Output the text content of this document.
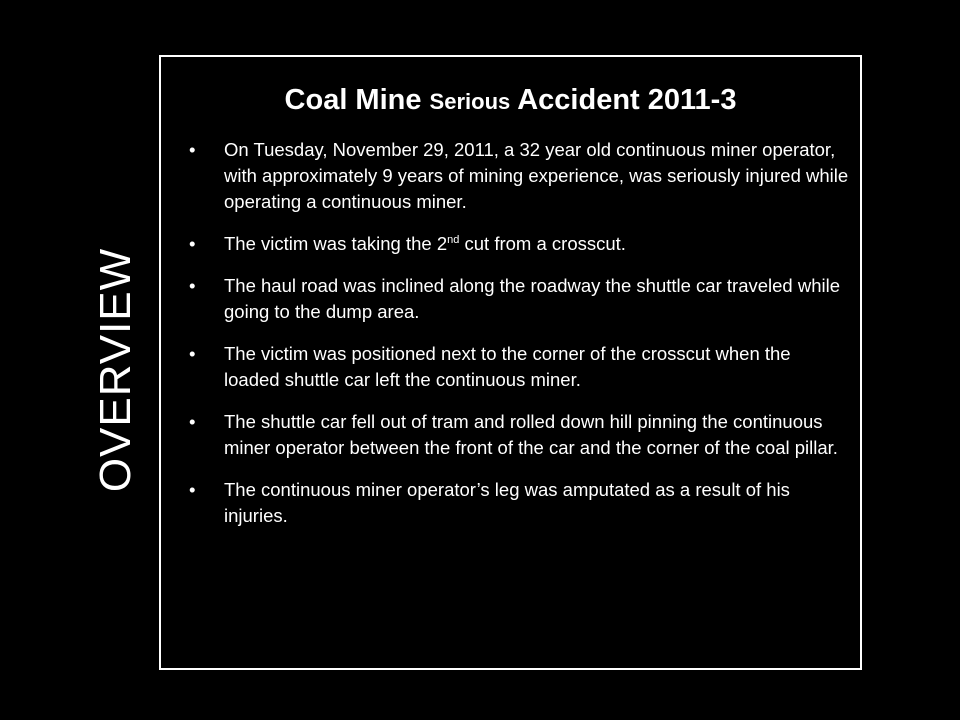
OVERVIEW
Coal Mine Serious Accident 2011-3
• On Tuesday, November 29, 2011, a 32 year old continuous miner operator, with approximately 9 years of mining experience, was seriously injured while operating a continuous miner.
• The victim was taking the 2nd cut from a crosscut.
• The haul road was inclined along the roadway the shuttle car traveled while going to the dump area.
• The victim was positioned next to the corner of the crosscut when the loaded shuttle car left the continuous miner.
• The shuttle car fell out of tram and rolled down hill pinning the continuous miner operator between the front of the car and the corner of the coal pillar.
• The continuous miner operator’s leg was amputated as a result of his injuries.
